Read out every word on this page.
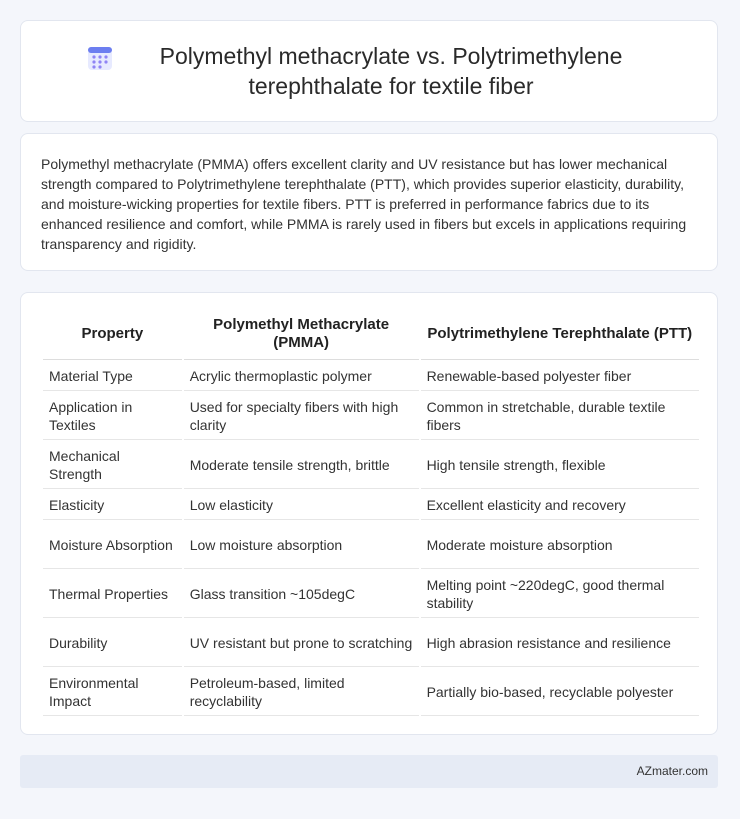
Polymethyl methacrylate vs. Polytrimethylene terephthalate for textile fiber

Polymethyl methacrylate (PMMA) offers excellent clarity and UV resistance but has lower mechanical strength compared to Polytrimethylene terephthalate (PTT), which provides superior elasticity, durability, and moisture-wicking properties for textile fibers. PTT is preferred in performance fabrics due to its enhanced resilience and comfort, while PMMA is rarely used in fibers but excels in applications requiring transparency and rigidity.

Property	Polymethyl Methacrylate (PMMA)	Polytrimethylene Terephthalate (PTT)
Material Type	Acrylic thermoplastic polymer	Renewable-based polyester fiber
Application in Textiles	Used for specialty fibers with high clarity	Common in stretchable, durable textile fibers
Mechanical Strength	Moderate tensile strength, brittle	High tensile strength, flexible
Elasticity	Low elasticity	Excellent elasticity and recovery
Moisture Absorption	Low moisture absorption	Moderate moisture absorption
Thermal Properties	Glass transition ~105degC	Melting point ~220degC, good thermal stability
Durability	UV resistant but prone to scratching	High abrasion resistance and resilience
Environmental Impact	Petroleum-based, limited recyclability	Partially bio-based, recyclable polyester
AZmater.com
